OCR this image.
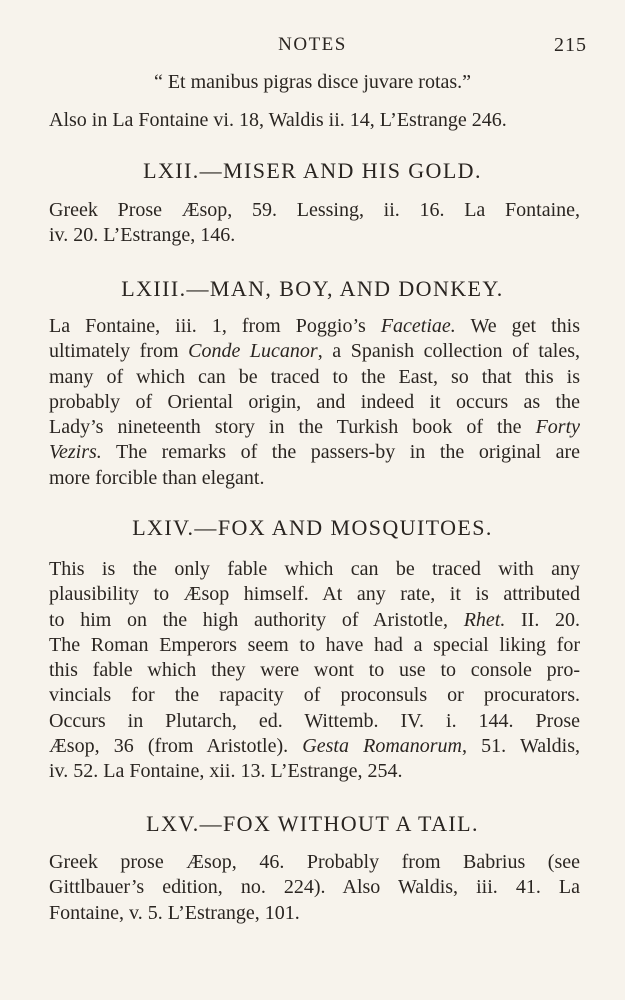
NOTES	215
“ Et manibus pigras disce juvare rotas.”
Also in La Fontaine vi. 18, Waldis ii. 14, L’Estrange 246.
LXII.—MISER AND HIS GOLD.
Greek Prose Æsop, 59. Lessing, ii. 16. La Fontaine,
iv. 20. L’Estrange, 146.
LXIII.—MAN, BOY, AND DONKEY.
La Fontaine, iii. 1, from Poggio’s Facetiae. We get this
ultimately from Conde Lucanor, a Spanish collection of tales,
many of which can be traced to the East, so that this is
probably of Oriental origin, and indeed it occurs as the
Lady’s nineteenth story in the Turkish book of the Forty
Vezirs. The remarks of the passers-by in the original are
more forcible than elegant.
LXIV.—FOX AND MOSQUITOES.
This is the only fable which can be traced with any
plausibility to Æsop himself. At any rate, it is attributed
to him on the high authority of Aristotle, Rhet. II. 20.
The Roman Emperors seem to have had a special liking for
this fable which they were wont to use to console pro-
vincials for the rapacity of proconsuls or procurators.
Occurs in Plutarch, ed. Wittemb. IV. i. 144. Prose
Æsop, 36 (from Aristotle). Gesta Romanorum, 51. Waldis,
iv. 52. La Fontaine, xii. 13. L’Estrange, 254.
LXV.—FOX WITHOUT A TAIL.
Greek prose Æsop, 46. Probably from Babrius (see
Gittlbauer’s edition, no. 224). Also Waldis, iii. 41. La
Fontaine, v. 5. L’Estrange, 101.
